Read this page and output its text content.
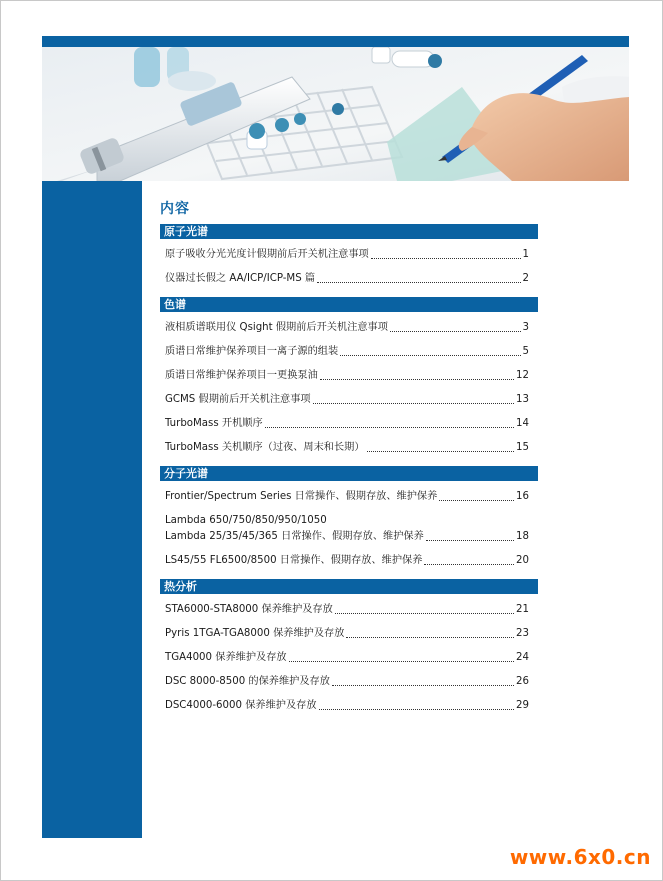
内容
原子光谱
原子吸收分光光度计假期前后开关机注意事项	1
仪器过长假之 AA/ICP/ICP-MS 篇	2
色谱
液相质谱联用仪 Qsight 假期前后开关机注意事项	3
质谱日常维护保养项目一离子源的组装	5
质谱日常维护保养项目一更换泵油	12
GCMS 假期前后开关机注意事项	13
TurboMass 开机顺序	14
TurboMass 关机顺序（过夜、周末和长期）	15
分子光谱
Frontier/Spectrum Series 日常操作、假期存放、维护保养	16
Lambda 650/750/850/950/1050
Lambda 25/35/45/365 日常操作、假期存放、维护保养	18
LS45/55 FL6500/8500 日常操作、假期存放、维护保养	20
热分析
STA6000-STA8000 保养维护及存放	21
Pyris 1TGA-TGA8000 保养维护及存放	23
TGA4000 保养维护及存放	24
DSC 8000-8500 的保养维护及存放	26
DSC4000-6000 保养维护及存放	29
www.6x0.cn
